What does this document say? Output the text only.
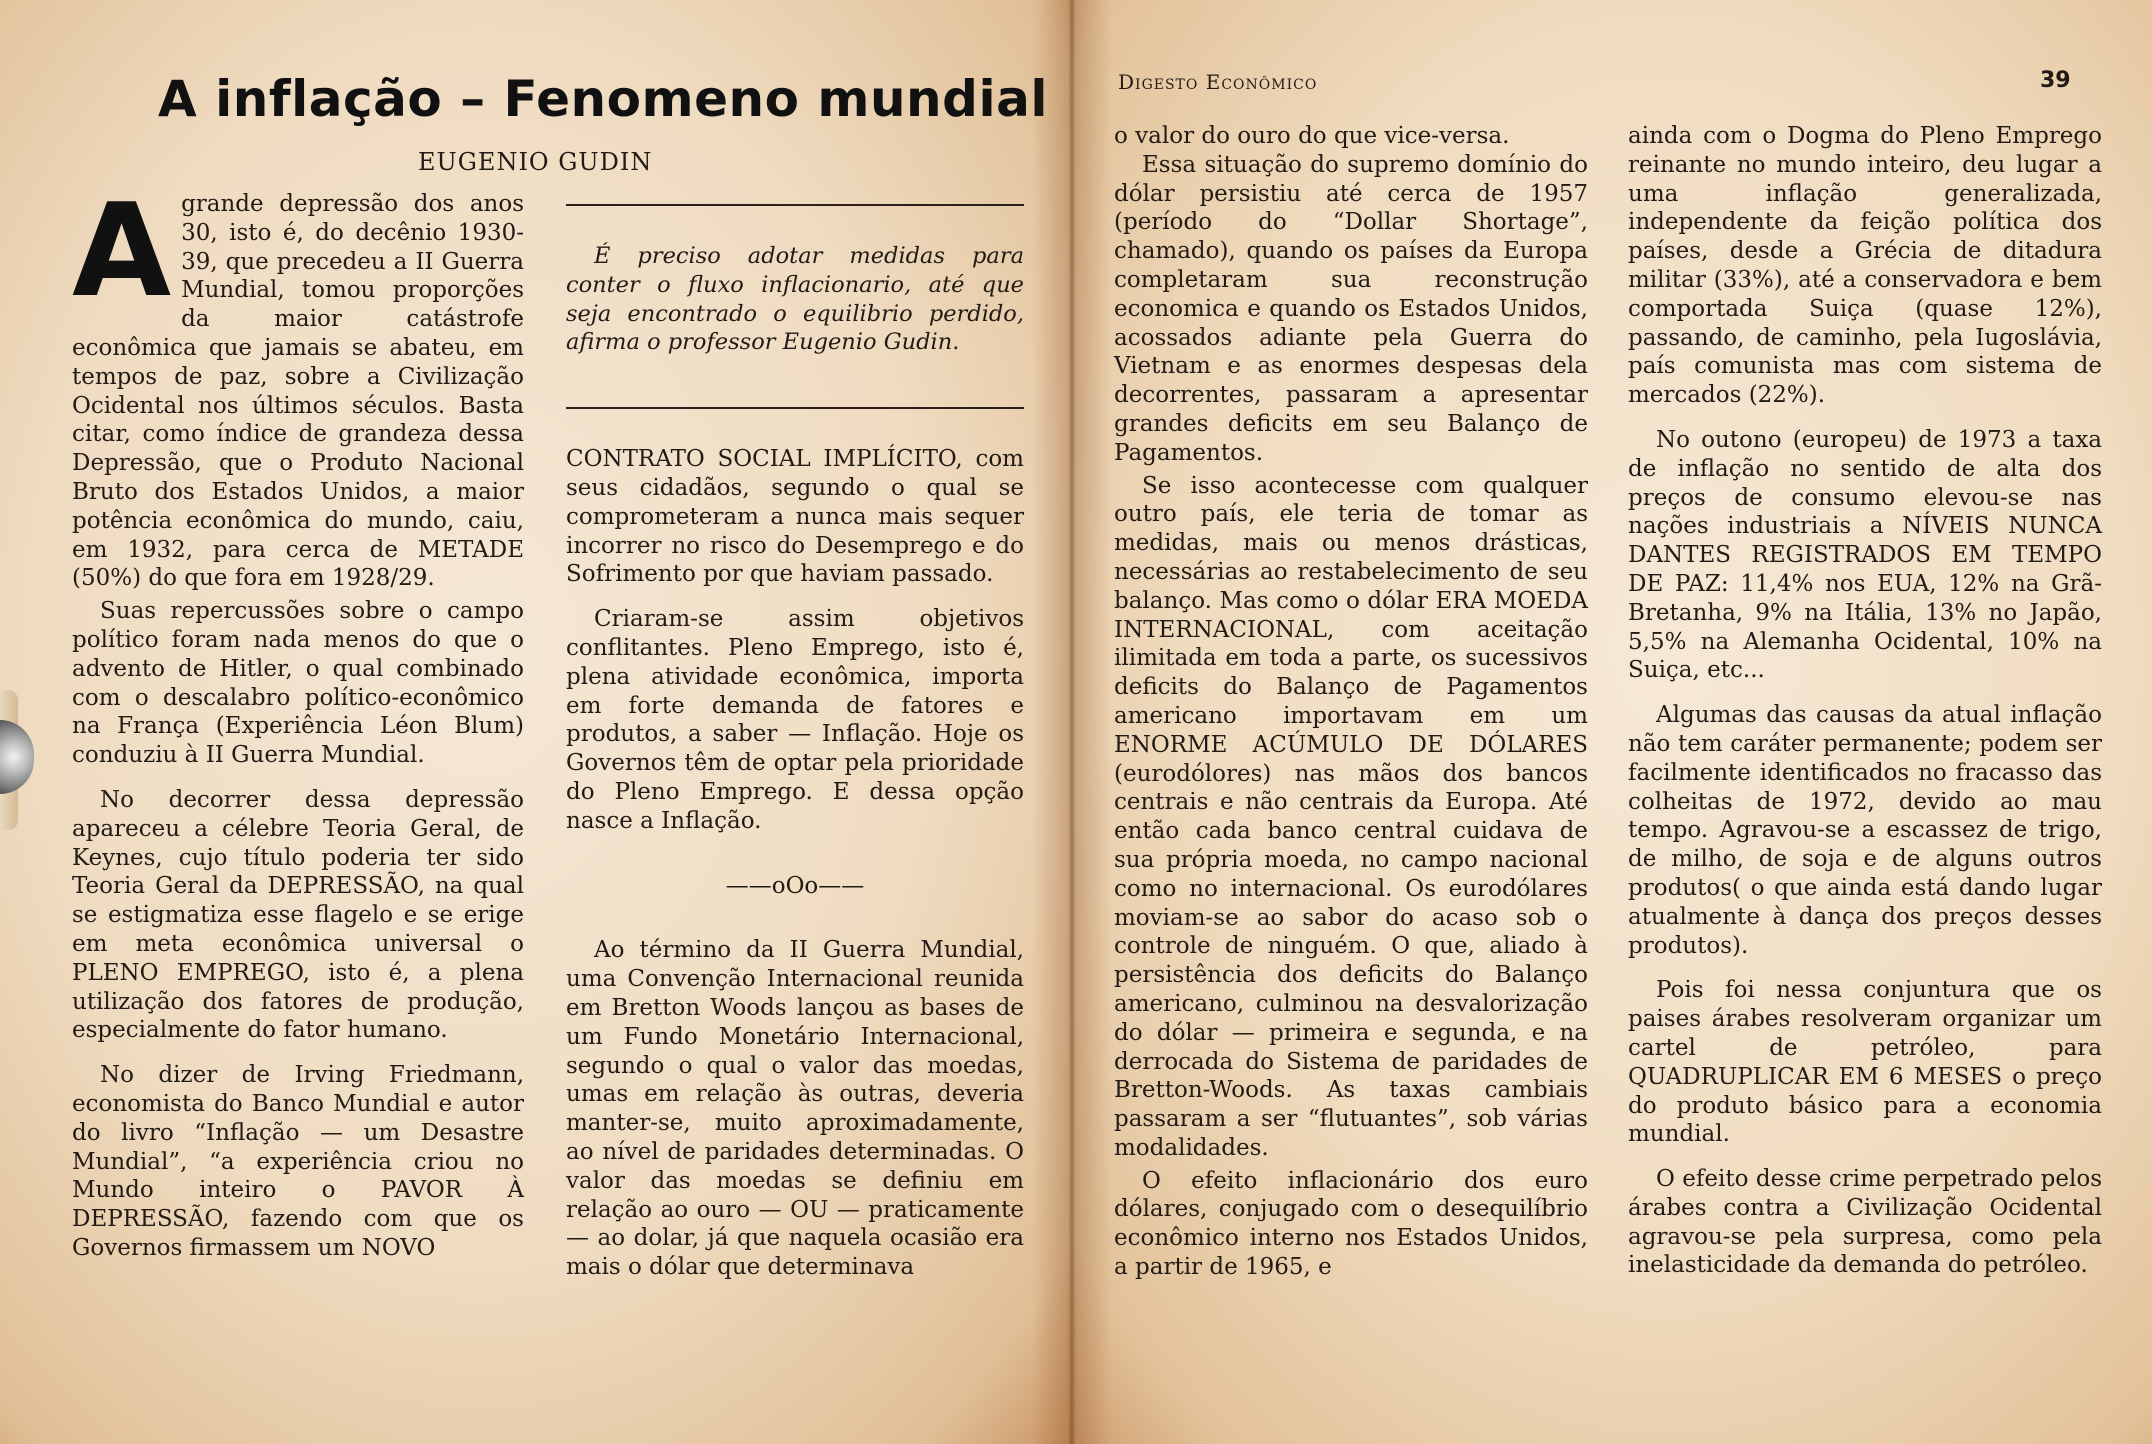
A inflação – Fenomeno mundial
EUGENIO GUDIN

Agrande depressão dos anos 30, isto é, do decênio 1930-39, que precedeu a II Guerra Mundial, tomou proporções da maior catástrofe econômica que jamais se abateu, em tempos de paz, sobre a Civilização Ocidental nos últimos séculos. Basta citar, como índice de grandeza dessa Depressão, que o Produto Nacional Bruto dos Estados Unidos, a maior potência econômica do mundo, caiu, em 1932, para cerca de METADE (50%) do que fora em 1928/29.

Suas repercussões sobre o campo político foram nada menos do que o advento de Hitler, o qual combinado com o descalabro político-econômico na França (Experiência Léon Blum) conduziu à II Guerra Mundial.

No decorrer dessa depressão apareceu a célebre Teoria Geral, de Keynes, cujo título poderia ter sido Teoria Geral da DEPRESSÃO, na qual se estigmatiza esse flagelo e se erige em meta econômica universal o PLENO EMPREGO, isto é, a plena utilização dos fatores de produção, especialmente do fator humano.

No dizer de Irving Friedmann, economista do Banco Mundial e autor do livro “Inflação — um Desastre Mundial”, “a experiência criou no Mundo inteiro o PAVOR À DEPRESSÃO, fazendo com que os Governos firmassem um NOVO

É preciso adotar medidas para conter o fluxo inflacionario, até que seja encontrado o equilibrio perdido, afirma o professor Eugenio Gudin.

CONTRATO SOCIAL IMPLÍCITO, com seus cidadãos, segundo o qual se comprometeram a nunca mais sequer incorrer no risco do Desemprego e do Sofrimento por que haviam passado.

Criaram-se assim objetivos conflitantes. Pleno Emprego, isto é, plena atividade econômica, importa em forte demanda de fatores e produtos, a saber — Inflação. Hoje os Governos têm de optar pela prioridade do Pleno Emprego. E dessa opção nasce a Inflação.

——oOo——

Ao término da II Guerra Mundial, uma Convenção Internacional reunida em Bretton Woods lançou as bases de um Fundo Monetário Internacional, segundo o qual o valor das moedas, umas em relação às outras, deveria manter-se, muito aproximadamente, ao nível de paridades determinadas. O valor das moedas se definiu em relação ao ouro — OU — praticamente — ao dolar, já que naquela ocasião era mais o dólar que determinava

Digesto Econômico	39

o valor do ouro do que vice-versa.

Essa situação do supremo domínio do dólar persistiu até cerca de 1957 (período do “Dollar Shortage”, chamado), quando os países da Europa completaram sua reconstrução economica e quando os Estados Unidos, acossados adiante pela Guerra do Vietnam e as enormes despesas dela decorrentes, passaram a apresentar grandes deficits em seu Balanço de Pagamentos.

Se isso acontecesse com qualquer outro país, ele teria de tomar as medidas, mais ou menos drásticas, necessárias ao restabelecimento de seu balanço. Mas como o dólar ERA MOEDA INTERNACIONAL, com aceitação ilimitada em toda a parte, os sucessivos deficits do Balanço de Pagamentos americano importavam em um ENORME ACÚMULO DE DÓLARES (eurodólores) nas mãos dos bancos centrais e não centrais da Europa. Até então cada banco central cuidava de sua própria moeda, no campo nacional como no internacional. Os eurodólares moviam-se ao sabor do acaso sob o controle de ninguém. O que, aliado à persistência dos deficits do Balanço americano, culminou na desvalorização do dólar — primeira e segunda, e na derrocada do Sistema de paridades de Bretton-Woods. As taxas cambiais passaram a ser “flutuantes”, sob várias modalidades.

O efeito inflacionário dos euro dólares, conjugado com o desequilíbrio econômico interno nos Estados Unidos, a partir de 1965, e

ainda com o Dogma do Pleno Emprego reinante no mundo inteiro, deu lugar a uma inflação generalizada, independente da feição política dos países, desde a Grécia de ditadura militar (33%), até a conservadora e bem comportada Suiça (quase 12%), passando, de caminho, pela Iugoslávia, país comunista mas com sistema de mercados (22%).

No outono (europeu) de 1973 a taxa de inflação no sentido de alta dos preços de consumo elevou-se nas nações industriais a NÍVEIS NUNCA DANTES REGISTRADOS EM TEMPO DE PAZ: 11,4% nos EUA, 12% na Grã-Bretanha, 9% na Itália, 13% no Japão, 5,5% na Alemanha Ocidental, 10% na Suiça, etc...

Algumas das causas da atual inflação não tem caráter permanente; podem ser facilmente identificados no fracasso das colheitas de 1972, devido ao mau tempo. Agravou-se a escassez de trigo, de milho, de soja e de alguns outros produtos( o que ainda está dando lugar atualmente à dança dos preços desses produtos).

Pois foi nessa conjuntura que os paises árabes resolveram organizar um cartel de petróleo, para QUADRUPLICAR EM 6 MESES o preço do produto básico para a economia mundial.

O efeito desse crime perpetrado pelos árabes contra a Civilização Ocidental agravou-se pela surpresa, como pela inelasticidade da demanda do petróleo.
